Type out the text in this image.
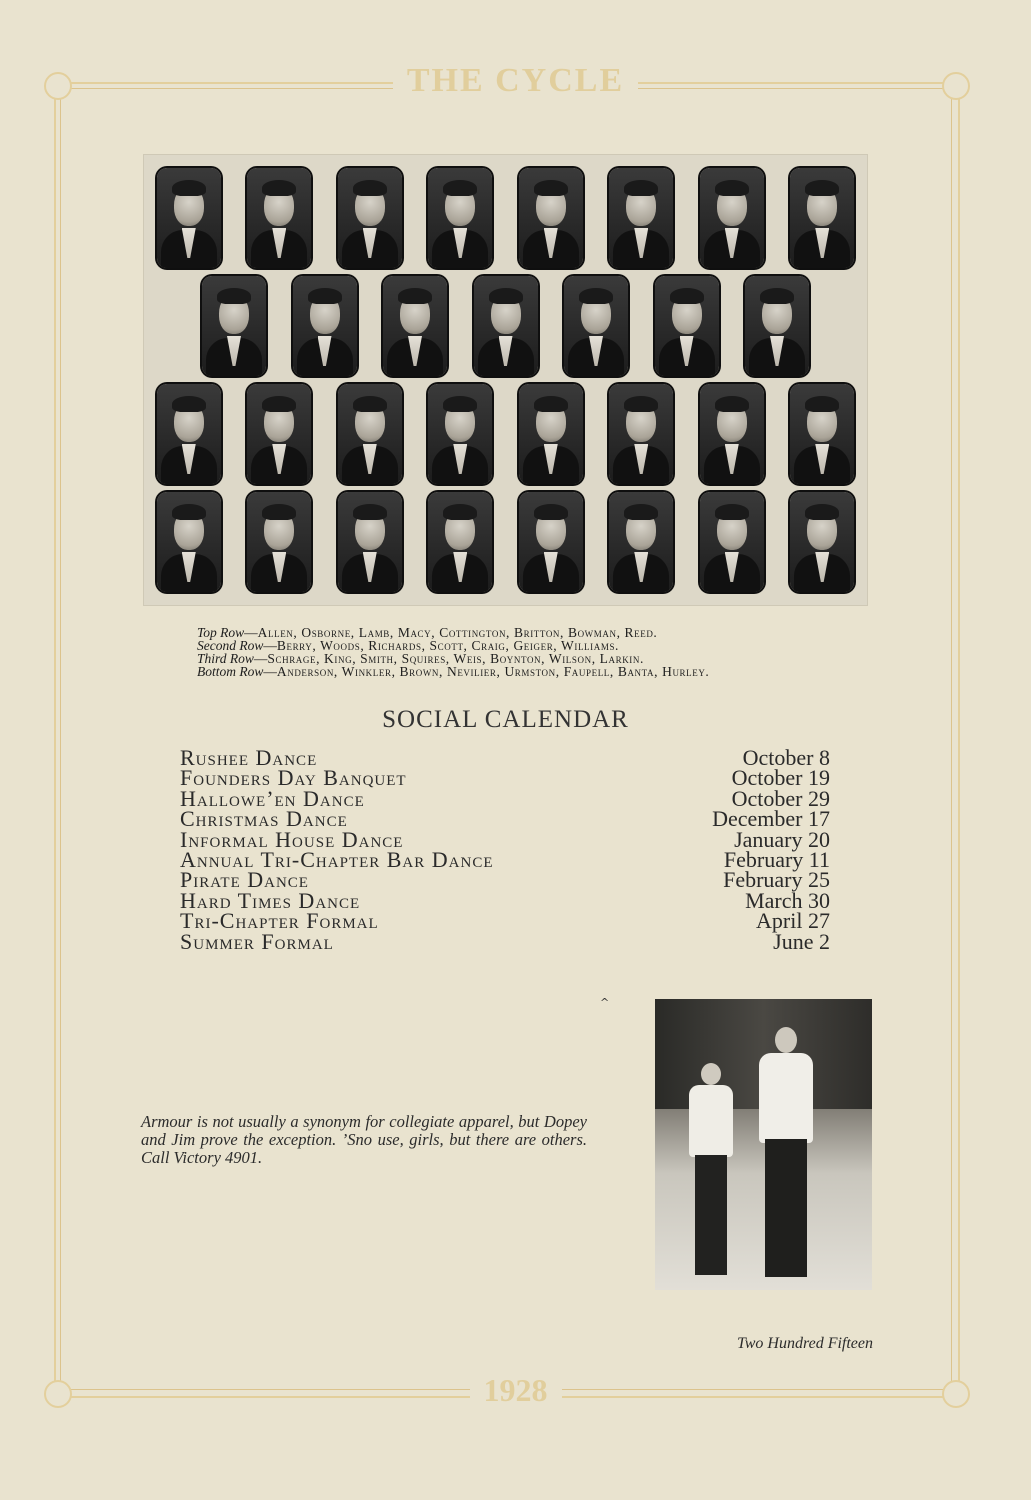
THE CYCLE
Top Row—Allen, Osborne, Lamb, Macy, Cottington, Britton, Bowman, Reed.
Second Row—Berry, Woods, Richards, Scott, Craig, Geiger, Williams.
Third Row—Schrage, King, Smith, Squires, Weis, Boynton, Wilson, Larkin.
Bottom Row—Anderson, Winkler, Brown, Nevilier, Urmston, Faupell, Banta, Hurley.
SOCIAL CALENDAR
Rushee Dance	October 8
Founders Day Banquet	October 19
Hallowe’en Dance	October 29
Christmas Dance	December 17
Informal House Dance	January 20
Annual Tri-Chapter Bar Dance	February 11
Pirate Dance	February 25
Hard Times Dance	March 30
Tri-Chapter Formal	April 27
Summer Formal	June 2
Armour is not usually a synonym for collegiate apparel, but Dopey and Jim prove the exception. ’Sno use, girls, but there are others. Call Victory 4901.
^
Two Hundred Fifteen
1928
